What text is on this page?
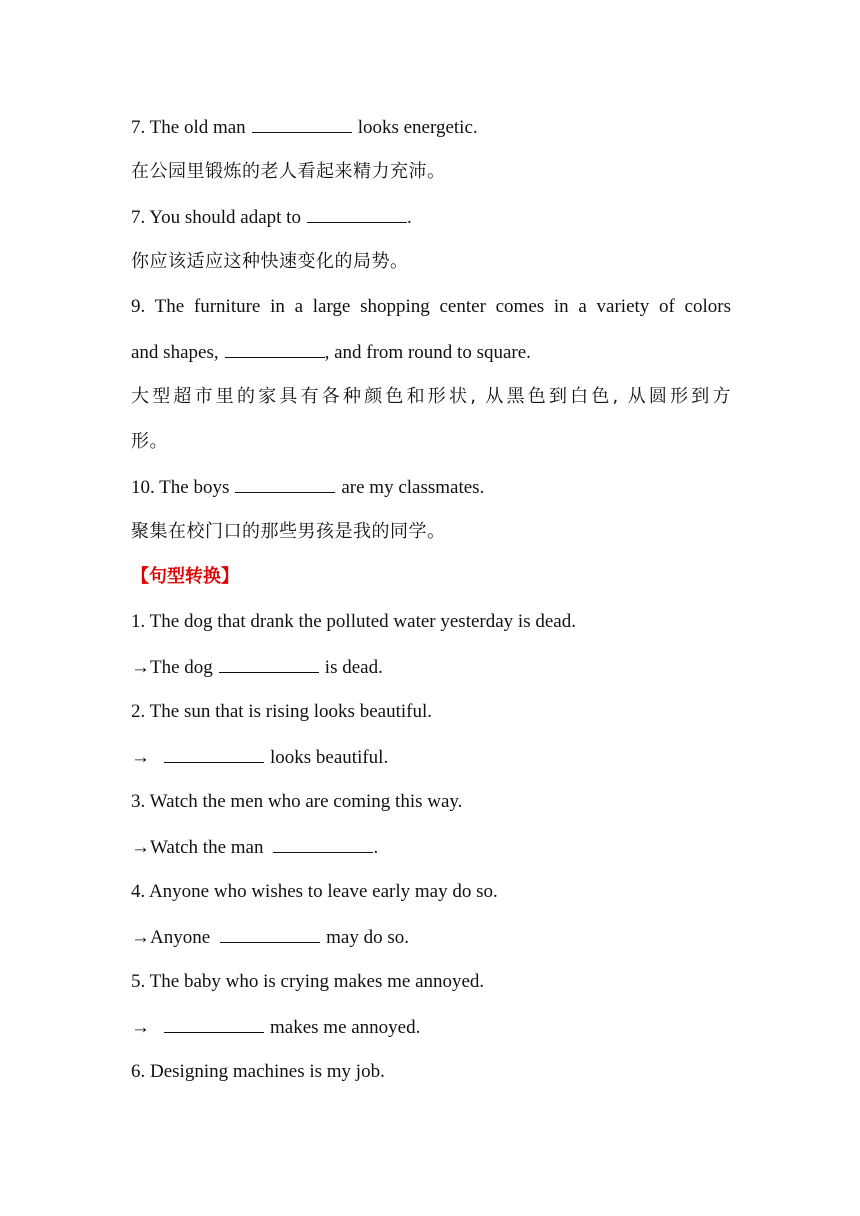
7. The old man	looks energetic.
在公园里锻炼的老人看起来精力充沛。
7. You should adapt to	.
你应该适应这种快速变化的局势。
9. The furniture in a large shopping center comes in a variety of colors
and shapes,	, and from round to square.
大型超市里的家具有各种颜色和形状, 从黑色到白色, 从圆形到方
形。
10. The boys	are my classmates.
聚集在校门口的那些男孩是我的同学。
【句型转换】
1. The dog that drank the polluted water yesterday is dead.
→The dog	is dead.
2. The sun that is rising looks beautiful.
→	looks beautiful.
3. Watch the men who are coming this way.
→Watch the man	.
4. Anyone who wishes to leave early may do so.
→Anyone	may do so.
5. The baby who is crying makes me annoyed.
→	makes me annoyed.
6. Designing machines is my job.
